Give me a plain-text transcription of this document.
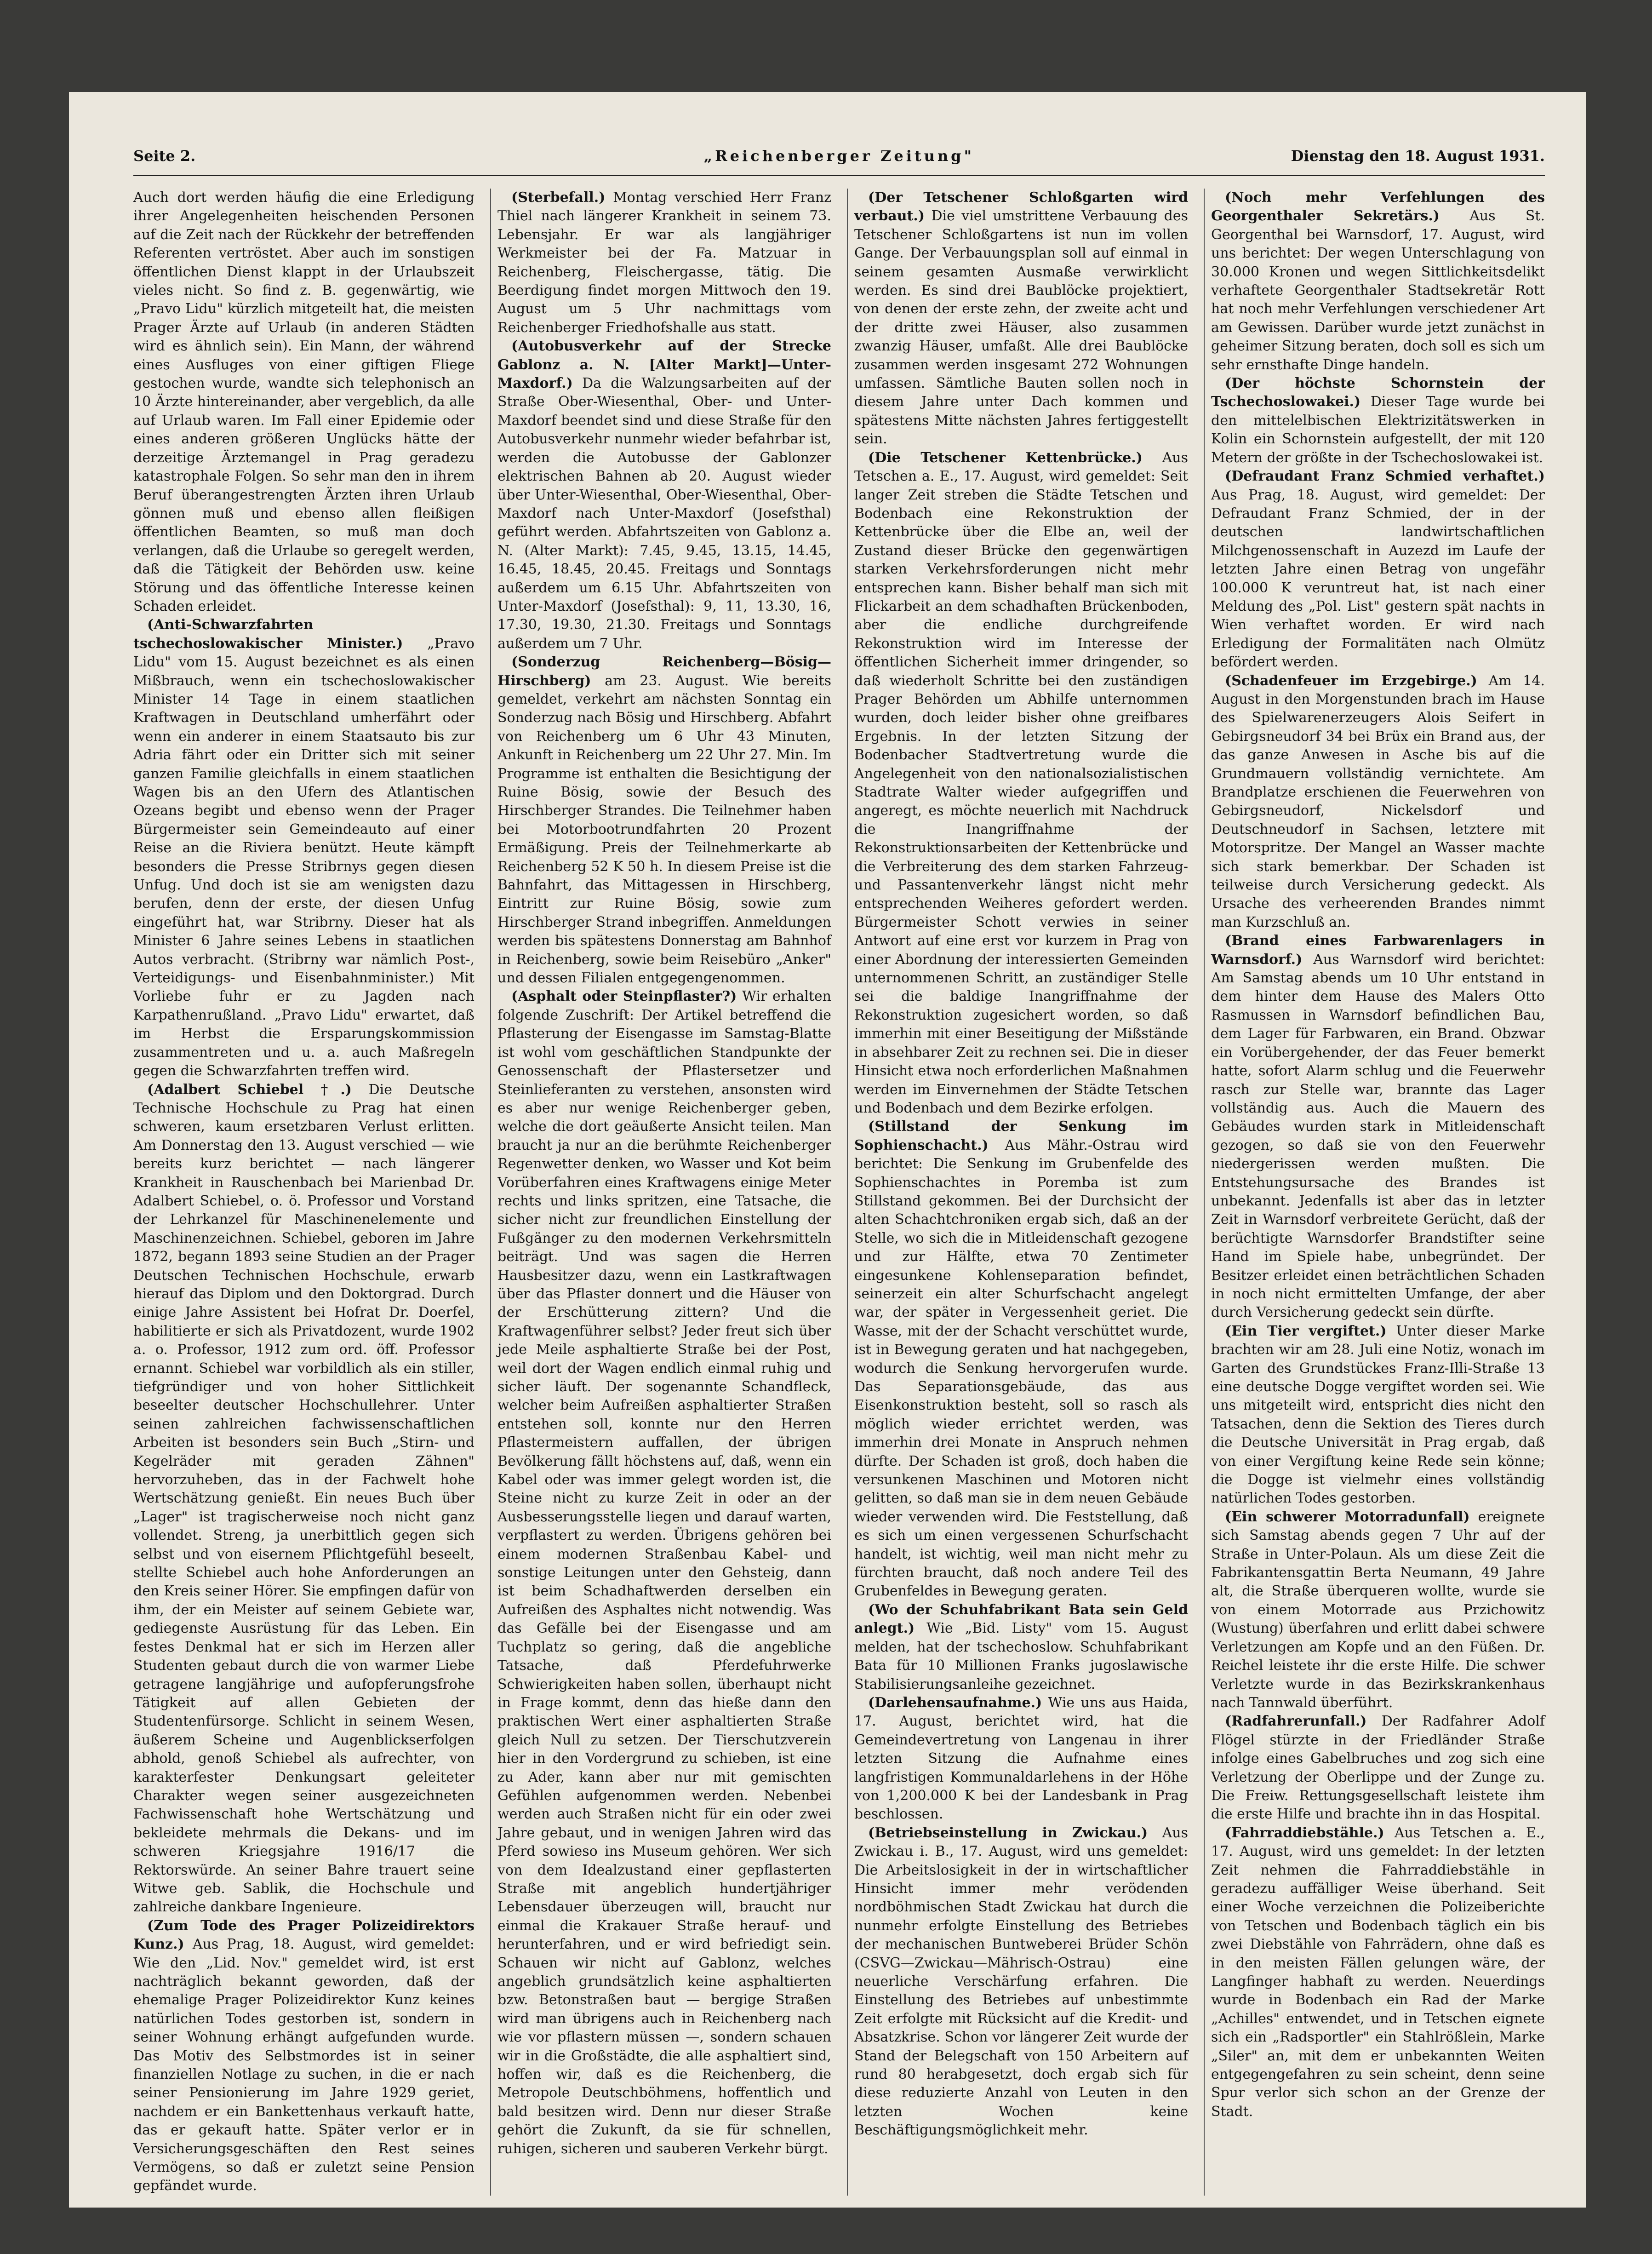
Seite 2.	„Reichenberger Zeitung"	Dienstag den 18. August 1931.

Auch dort werden häufig die eine Erledigung ihrer Angelegenheiten heischenden Personen auf die Zeit nach der Rückkehr der betreffenden Referenten vertröstet. Aber auch im sonstigen öffentlichen Dienst klappt in der Urlaubszeit vieles nicht. So find z. B. gegenwärtig, wie „Pravo Lidu" kürzlich mitgeteilt hat, die meisten Prager Ärzte auf Urlaub (in anderen Städten wird es ähnlich sein). Ein Mann, der während eines Ausfluges von einer giftigen Fliege gestochen wurde, wandte sich telephonisch an 10 Ärzte hintereinander, aber vergeblich, da alle auf Urlaub waren. Im Fall einer Epidemie oder eines anderen größeren Unglücks hätte der derzeitige Ärztemangel in Prag geradezu katastrophale Folgen. So sehr man den in ihrem Beruf überangestrengten Ärzten ihren Urlaub gönnen muß und ebenso allen fleißigen öffentlichen Beamten, so muß man doch verlangen, daß die Urlaube so geregelt werden, daß die Tätigkeit der Behörden usw. keine Störung und das öffentliche Interesse keinen Schaden erleidet.

(Anti-Schwarzfahrten tschechoslowakischer Minister.) „Pravo Lidu" vom 15. August bezeichnet es als einen Mißbrauch, wenn ein tschechoslowakischer Minister 14 Tage in einem staatlichen Kraftwagen in Deutschland umherfährt oder wenn ein anderer in einem Staatsauto bis zur Adria fährt oder ein Dritter sich mit seiner ganzen Familie gleichfalls in einem staatlichen Wagen bis an den Ufern des Atlantischen Ozeans begibt und ebenso wenn der Prager Bürgermeister sein Gemeindeauto auf einer Reise an die Riviera benützt. Heute kämpft besonders die Presse Stribrnys gegen diesen Unfug. Und doch ist sie am wenigsten dazu berufen, denn der erste, der diesen Unfug eingeführt hat, war Stribrny. Dieser hat als Minister 6 Jahre seines Lebens in staatlichen Autos verbracht. (Stribrny war nämlich Post-, Verteidigungs- und Eisenbahnminister.) Mit Vorliebe fuhr er zu Jagden nach Karpathenrußland. „Pravo Lidu" erwartet, daß im Herbst die Ersparungskommission zusammentreten und u. a. auch Maßregeln gegen die Schwarzfahrten treffen wird.

(Adalbert Schiebel †.) Die Deutsche Technische Hochschule zu Prag hat einen schweren, kaum ersetzbaren Verlust erlitten. Am Donnerstag den 13. August verschied — wie bereits kurz berichtet — nach längerer Krankheit in Rauschenbach bei Marienbad Dr. Adalbert Schiebel, o. ö. Professor und Vorstand der Lehrkanzel für Maschinenelemente und Maschinenzeichnen. Schiebel, geboren im Jahre 1872, begann 1893 seine Studien an der Prager Deutschen Technischen Hochschule, erwarb hierauf das Diplom und den Doktorgrad. Durch einige Jahre Assistent bei Hofrat Dr. Doerfel, habilitierte er sich als Privatdozent, wurde 1902 a. o. Professor, 1912 zum ord. öff. Professor ernannt. Schiebel war vorbildlich als ein stiller, tiefgründiger und von hoher Sittlichkeit beseelter deutscher Hochschullehrer. Unter seinen zahlreichen fachwissenschaftlichen Arbeiten ist besonders sein Buch „Stirn- und Kegelräder mit geraden Zähnen" hervorzuheben, das in der Fachwelt hohe Wertschätzung genießt. Ein neues Buch über „Lager" ist tragischerweise noch nicht ganz vollendet. Streng, ja unerbittlich gegen sich selbst und von eisernem Pflichtgefühl beseelt, stellte Schiebel auch hohe Anforderungen an den Kreis seiner Hörer. Sie empfingen dafür von ihm, der ein Meister auf seinem Gebiete war, gediegenste Ausrüstung für das Leben. Ein festes Denkmal hat er sich im Herzen aller Studenten gebaut durch die von warmer Liebe getragene langjährige und aufopferungsfrohe Tätigkeit auf allen Gebieten der Studentenfürsorge. Schlicht in seinem Wesen, äußerem Scheine und Augenblickserfolgen abhold, genoß Schiebel als aufrechter, von karakterfester Denkungsart geleiteter Charakter wegen seiner ausgezeichneten Fachwissenschaft hohe Wertschätzung und bekleidete mehrmals die Dekans- und im schweren Kriegsjahre 1916/17 die Rektorswürde. An seiner Bahre trauert seine Witwe geb. Sablik, die Hochschule und zahlreiche dankbare Ingenieure.

(Zum Tode des Prager Polizeidirektors Kunz.) Aus Prag, 18. August, wird gemeldet: Wie den „Lid. Nov." gemeldet wird, ist erst nachträglich bekannt geworden, daß der ehemalige Prager Polizeidirektor Kunz keines natürlichen Todes gestorben ist, sondern in seiner Wohnung erhängt aufgefunden wurde. Das Motiv des Selbstmordes ist in seiner finanziellen Notlage zu suchen, in die er nach seiner Pensionierung im Jahre 1929 geriet, nachdem er ein Bankettenhaus verkauft hatte, das er gekauft hatte. Später verlor er in Versicherungsgeschäften den Rest seines Vermögens, so daß er zuletzt seine Pension gepfändet wurde.

(Sterbefall.) Montag verschied Herr Franz Thiel nach längerer Krankheit in seinem 73. Lebensjahr. Er war als langjähriger Werkmeister bei der Fa. Matzuar in Reichenberg, Fleischergasse, tätig. Die Beerdigung findet morgen Mittwoch den 19. August um 5 Uhr nachmittags vom Reichenberger Friedhofshalle aus statt.

(Autobusverkehr auf der Strecke Gablonz a. N. [Alter Markt]—Unter-Maxdorf.) Da die Walzungsarbeiten auf der Straße Ober-Wiesenthal, Ober- und Unter-Maxdorf beendet sind und diese Straße für den Autobusverkehr nunmehr wieder befahrbar ist, werden die Autobusse der Gablonzer elektrischen Bahnen ab 20. August wieder über Unter-Wiesenthal, Ober-Wiesenthal, Ober-Maxdorf nach Unter-Maxdorf (Josefsthal) geführt werden. Abfahrtszeiten von Gablonz a. N. (Alter Markt): 7.45, 9.45, 13.15, 14.45, 16.45, 18.45, 20.45. Freitags und Sonntags außerdem um 6.15 Uhr. Abfahrtszeiten von Unter-Maxdorf (Josefsthal): 9, 11, 13.30, 16, 17.30, 19.30, 21.30. Freitags und Sonntags außerdem um 7 Uhr.

(Sonderzug Reichenberg—Bösig—Hirschberg) am 23. August. Wie bereits gemeldet, verkehrt am nächsten Sonntag ein Sonderzug nach Bösig und Hirschberg. Abfahrt von Reichenberg um 6 Uhr 43 Minuten, Ankunft in Reichenberg um 22 Uhr 27. Min. Im Programme ist enthalten die Besichtigung der Ruine Bösig, sowie der Besuch des Hirschberger Strandes. Die Teilnehmer haben bei Motorbootrundfahrten 20 Prozent Ermäßigung. Preis der Teilnehmerkarte ab Reichenberg 52 K 50 h. In diesem Preise ist die Bahnfahrt, das Mittagessen in Hirschberg, Eintritt zur Ruine Bösig, sowie zum Hirschberger Strand inbegriffen. Anmeldungen werden bis spätestens Donnerstag am Bahnhof in Reichenberg, sowie beim Reisebüro „Anker" und dessen Filialen entgegengenommen.

(Asphalt oder Steinpflaster?) Wir erhalten folgende Zuschrift: Der Artikel betreffend die Pflasterung der Eisengasse im Samstag-Blatte ist wohl vom geschäftlichen Standpunkte der Genossenschaft der Pflastersetzer und Steinlieferanten zu verstehen, ansonsten wird es aber nur wenige Reichenberger geben, welche die dort geäußerte Ansicht teilen. Man braucht ja nur an die berühmte Reichenberger Regenwetter denken, wo Wasser und Kot beim Vorüberfahren eines Kraftwagens einige Meter rechts und links spritzen, eine Tatsache, die sicher nicht zur freundlichen Einstellung der Fußgänger zu den modernen Verkehrsmitteln beiträgt. Und was sagen die Herren Hausbesitzer dazu, wenn ein Lastkraftwagen über das Pflaster donnert und die Häuser von der Erschütterung zittern? Und die Kraftwagenführer selbst? Jeder freut sich über jede Meile asphaltierte Straße bei der Post, weil dort der Wagen endlich einmal ruhig und sicher läuft. Der sogenannte Schandfleck, welcher beim Aufreißen asphaltierter Straßen entstehen soll, konnte nur den Herren Pflastermeistern auffallen, der übrigen Bevölkerung fällt höchstens auf, daß, wenn ein Kabel oder was immer gelegt worden ist, die Steine nicht zu kurze Zeit in oder an der Ausbesserungsstelle liegen und darauf warten, verpflastert zu werden. Übrigens gehören bei einem modernen Straßenbau Kabel- und sonstige Leitungen unter den Gehsteig, dann ist beim Schadhaftwerden derselben ein Aufreißen des Asphaltes nicht notwendig. Was das Gefälle bei der Eisengasse und am Tuchplatz so gering, daß die angebliche Tatsache, daß Pferdefuhrwerke Schwierigkeiten haben sollen, überhaupt nicht in Frage kommt, denn das hieße dann den praktischen Wert einer asphaltierten Straße gleich Null zu setzen. Der Tierschutzverein hier in den Vordergrund zu schieben, ist eine zu Ader, kann aber nur mit gemischten Gefühlen aufgenommen werden. Nebenbei werden auch Straßen nicht für ein oder zwei Jahre gebaut, und in wenigen Jahren wird das Pferd sowieso ins Museum gehören. Wer sich von dem Idealzustand einer gepflasterten Straße mit angeblich hundertjähriger Lebensdauer überzeugen will, braucht nur einmal die Krakauer Straße herauf- und herunterfahren, und er wird befriedigt sein. Schauen wir nicht auf Gablonz, welches angeblich grundsätzlich keine asphaltierten bzw. Betonstraßen baut — bergige Straßen wird man übrigens auch in Reichenberg nach wie vor pflastern müssen —, sondern schauen wir in die Großstädte, die alle asphaltiert sind, hoffen wir, daß es die Reichenberg, die Metropole Deutschböhmens, hoffentlich und bald besitzen wird. Denn nur dieser Straße gehört die Zukunft, da sie für schnellen, ruhigen, sicheren und sauberen Verkehr bürgt.

(Der Tetschener Schloßgarten wird verbaut.) Die viel umstrittene Verbauung des Tetschener Schloßgartens ist nun im vollen Gange. Der Verbauungsplan soll auf einmal in seinem gesamten Ausmaße verwirklicht werden. Es sind drei Baublöcke projektiert, von denen der erste zehn, der zweite acht und der dritte zwei Häuser, also zusammen zwanzig Häuser, umfaßt. Alle drei Baublöcke zusammen werden insgesamt 272 Wohnungen umfassen. Sämtliche Bauten sollen noch in diesem Jahre unter Dach kommen und spätestens Mitte nächsten Jahres fertiggestellt sein.

(Die Tetschener Kettenbrücke.) Aus Tetschen a. E., 17. August, wird gemeldet: Seit langer Zeit streben die Städte Tetschen und Bodenbach eine Rekonstruktion der Kettenbrücke über die Elbe an, weil der Zustand dieser Brücke den gegenwärtigen starken Verkehrsforderungen nicht mehr entsprechen kann. Bisher behalf man sich mit Flickarbeit an dem schadhaften Brückenboden, aber die endliche durchgreifende Rekonstruktion wird im Interesse der öffentlichen Sicherheit immer dringender, so daß wiederholt Schritte bei den zuständigen Prager Behörden um Abhilfe unternommen wurden, doch leider bisher ohne greifbares Ergebnis. In der letzten Sitzung der Bodenbacher Stadtvertretung wurde die Angelegenheit von den nationalsozialistischen Stadtrate Walter wieder aufgegriffen und angeregt, es möchte neuerlich mit Nachdruck die Inangriffnahme der Rekonstruktionsarbeiten der Kettenbrücke und die Verbreiterung des dem starken Fahrzeug- und Passantenverkehr längst nicht mehr entsprechenden Weiheres gefordert werden. Bürgermeister Schott verwies in seiner Antwort auf eine erst vor kurzem in Prag von einer Abordnung der interessierten Gemeinden unternommenen Schritt, an zuständiger Stelle sei die baldige Inangriffnahme der Rekonstruktion zugesichert worden, so daß immerhin mit einer Beseitigung der Mißstände in absehbarer Zeit zu rechnen sei. Die in dieser Hinsicht etwa noch erforderlichen Maßnahmen werden im Einvernehmen der Städte Tetschen und Bodenbach und dem Bezirke erfolgen.

(Stillstand der Senkung im Sophienschacht.) Aus Mähr.-Ostrau wird berichtet: Die Senkung im Grubenfelde des Sophienschachtes in Poremba ist zum Stillstand gekommen. Bei der Durchsicht der alten Schachtchroniken ergab sich, daß an der Stelle, wo sich die in Mitleidenschaft gezogene und zur Hälfte, etwa 70 Zentimeter eingesunkene Kohlenseparation befindet, seinerzeit ein alter Schurfschacht angelegt war, der später in Vergessenheit geriet. Die Wasse, mit der der Schacht verschüttet wurde, ist in Bewegung geraten und hat nachgegeben, wodurch die Senkung hervorgerufen wurde. Das Separationsgebäude, das aus Eisenkonstruktion besteht, soll so rasch als möglich wieder errichtet werden, was immerhin drei Monate in Anspruch nehmen dürfte. Der Schaden ist groß, doch haben die versunkenen Maschinen und Motoren nicht gelitten, so daß man sie in dem neuen Gebäude wieder verwenden wird. Die Feststellung, daß es sich um einen vergessenen Schurfschacht handelt, ist wichtig, weil man nicht mehr zu fürchten braucht, daß noch andere Teil des Grubenfeldes in Bewegung geraten.

(Wo der Schuhfabrikant Bata sein Geld anlegt.) Wie „Bid. Listy" vom 15. August melden, hat der tschechoslow. Schuhfabrikant Bata für 10 Millionen Franks jugoslawische Stabilisierungsanleihe gezeichnet.

(Darlehensaufnahme.) Wie uns aus Haida, 17. August, berichtet wird, hat die Gemeindevertretung von Langenau in ihrer letzten Sitzung die Aufnahme eines langfristigen Kommunaldarlehens in der Höhe von 1,200.000 K bei der Landesbank in Prag beschlossen.

(Betriebseinstellung in Zwickau.) Aus Zwickau i. B., 17. August, wird uns gemeldet: Die Arbeitslosigkeit in der in wirtschaftlicher Hinsicht immer mehr verödenden nordböhmischen Stadt Zwickau hat durch die nunmehr erfolgte Einstellung des Betriebes der mechanischen Buntweberei Brüder Schön (CSVG—Zwickau—Mährisch-Ostrau) eine neuerliche Verschärfung erfahren. Die Einstellung des Betriebes auf unbestimmte Zeit erfolgte mit Rücksicht auf die Kredit- und Absatzkrise. Schon vor längerer Zeit wurde der Stand der Belegschaft von 150 Arbeitern auf rund 80 herabgesetzt, doch ergab sich für diese reduzierte Anzahl von Leuten in den letzten Wochen keine Beschäftigungsmöglichkeit mehr.

(Noch mehr Verfehlungen des Georgenthaler Sekretärs.) Aus St. Georgenthal bei Warnsdorf, 17. August, wird uns berichtet: Der wegen Unterschlagung von 30.000 Kronen und wegen Sittlichkeitsdelikt verhaftete Georgenthaler Stadtsekretär Rott hat noch mehr Verfehlungen verschiedener Art am Gewissen. Darüber wurde jetzt zunächst in geheimer Sitzung beraten, doch soll es sich um sehr ernsthafte Dinge handeln.

(Der höchste Schornstein der Tschechoslowakei.) Dieser Tage wurde bei den mittelelbischen Elektrizitätswerken in Kolin ein Schornstein aufgestellt, der mit 120 Metern der größte in der Tschechoslowakei ist.

(Defraudant Franz Schmied verhaftet.) Aus Prag, 18. August, wird gemeldet: Der Defraudant Franz Schmied, der in der deutschen landwirtschaftlichen Milchgenossenschaft in Auzezd im Laufe der letzten Jahre einen Betrag von ungefähr 100.000 K veruntreut hat, ist nach einer Meldung des „Pol. List" gestern spät nachts in Wien verhaftet worden. Er wird nach Erledigung der Formalitäten nach Olmütz befördert werden.

(Schadenfeuer im Erzgebirge.) Am 14. August in den Morgenstunden brach im Hause des Spielwarenerzeugers Alois Seifert in Gebirgsneudorf 34 bei Brüx ein Brand aus, der das ganze Anwesen in Asche bis auf die Grundmauern vollständig vernichtete. Am Brandplatze erschienen die Feuerwehren von Gebirgsneudorf, Nickelsdorf und Deutschneudorf in Sachsen, letztere mit Motorspritze. Der Mangel an Wasser machte sich stark bemerkbar. Der Schaden ist teilweise durch Versicherung gedeckt. Als Ursache des verheerenden Brandes nimmt man Kurzschluß an.

(Brand eines Farbwarenlagers in Warnsdorf.) Aus Warnsdorf wird berichtet: Am Samstag abends um 10 Uhr entstand in dem hinter dem Hause des Malers Otto Rasmussen in Warnsdorf befindlichen Bau, dem Lager für Farbwaren, ein Brand. Obzwar ein Vorübergehender, der das Feuer bemerkt hatte, sofort Alarm schlug und die Feuerwehr rasch zur Stelle war, brannte das Lager vollständig aus. Auch die Mauern des Gebäudes wurden stark in Mitleidenschaft gezogen, so daß sie von den Feuerwehr niedergerissen werden mußten. Die Entstehungsursache des Brandes ist unbekannt. Jedenfalls ist aber das in letzter Zeit in Warnsdorf verbreitete Gerücht, daß der berüchtigte Warnsdorfer Brandstifter seine Hand im Spiele habe, unbegründet. Der Besitzer erleidet einen beträchtlichen Schaden in noch nicht ermittelten Umfange, der aber durch Versicherung gedeckt sein dürfte.

(Ein Tier vergiftet.) Unter dieser Marke brachten wir am 28. Juli eine Notiz, wonach im Garten des Grundstückes Franz-Illi-Straße 13 eine deutsche Dogge vergiftet worden sei. Wie uns mitgeteilt wird, entspricht dies nicht den Tatsachen, denn die Sektion des Tieres durch die Deutsche Universität in Prag ergab, daß von einer Vergiftung keine Rede sein könne; die Dogge ist vielmehr eines vollständig natürlichen Todes gestorben.

(Ein schwerer Motorradunfall) ereignete sich Samstag abends gegen 7 Uhr auf der Straße in Unter-Polaun. Als um diese Zeit die Fabrikantensgattin Berta Neumann, 49 Jahre alt, die Straße überqueren wollte, wurde sie von einem Motorrade aus Przichowitz (Wustung) überfahren und erlitt dabei schwere Verletzungen am Kopfe und an den Füßen. Dr. Reichel leistete ihr die erste Hilfe. Die schwer Verletzte wurde in das Bezirkskrankenhaus nach Tannwald überführt.

(Radfahrerunfall.) Der Radfahrer Adolf Flögel stürzte in der Friedländer Straße infolge eines Gabelbruches und zog sich eine Verletzung der Oberlippe und der Zunge zu. Die Freiw. Rettungsgesellschaft leistete ihm die erste Hilfe und brachte ihn in das Hospital.

(Fahrraddiebstähle.) Aus Tetschen a. E., 17. August, wird uns gemeldet: In der letzten Zeit nehmen die Fahrraddiebstähle in geradezu auffälliger Weise überhand. Seit einer Woche verzeichnen die Polizeiberichte von Tetschen und Bodenbach täglich ein bis zwei Diebstähle von Fahrrädern, ohne daß es in den meisten Fällen gelungen wäre, der Langfinger habhaft zu werden. Neuerdings wurde in Bodenbach ein Rad der Marke „Achilles" entwendet, und in Tetschen eignete sich ein „Radsportler" ein Stahlrößlein, Marke „Siler" an, mit dem er unbekannten Weiten entgegengefahren zu sein scheint, denn seine Spur verlor sich schon an der Grenze der Stadt.
